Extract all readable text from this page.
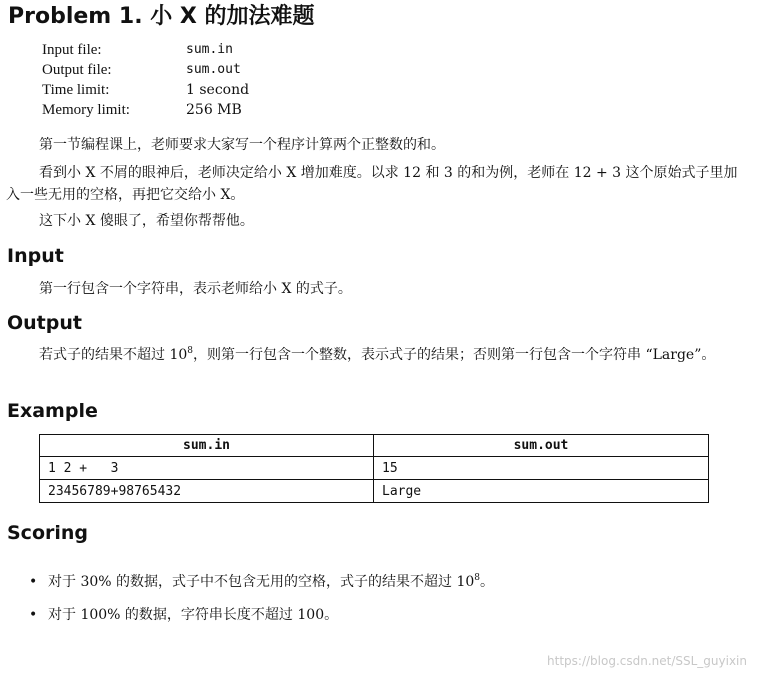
Problem 1. 小 X 的加法难题
Input file:	sum.in
Output file:	sum.out
Time limit:	1 second
Memory limit:	256 MB
第一节编程课上，老师要求大家写一个程序计算两个正整数的和。
看到小 X 不屑的眼神后，老师决定给小 X 增加难度。以求 12 和 3 的和为例，老师在 12 + 3 这个原始式子里加入一些无用的空格，再把它交给小 X。
这下小 X 傻眼了，希望你帮帮他。
Input
第一行包含一个字符串，表示老师给小 X 的式子。
Output
若式子的结果不超过 $10^8$，则第一行包含一个整数，表示式子的结果；否则第一行包含一个字符串 “Large”。
Example
sum.in	sum.out
1 2 +   3	15
23456789+98765432	Large
Scoring
• 对于 30% 的数据，式子中不包含无用的空格，式子的结果不超过 $10^8$。
• 对于 100% 的数据，字符串长度不超过 100。
https://blog.csdn.net/SSL_guyixin
